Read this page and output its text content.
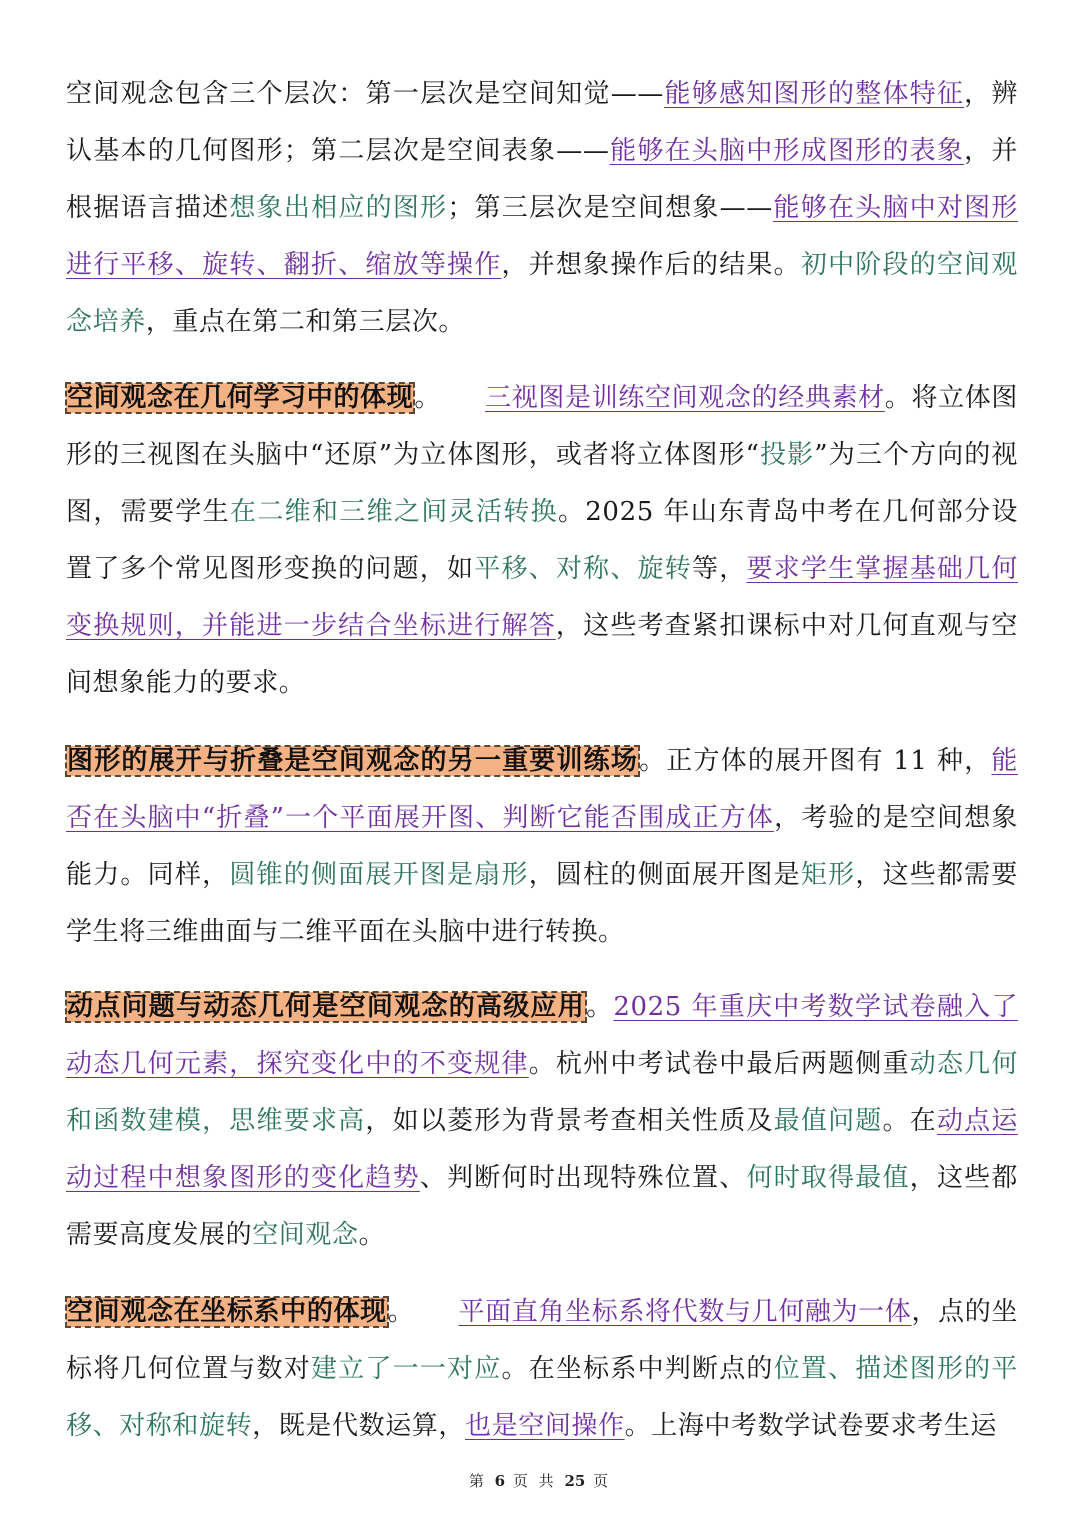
空间观念包含三个层次：第一层次是空间知觉——能够感知图形的整体特征，辨认基本的几何图形；第二层次是空间表象——能够在头脑中形成图形的表象，并根据语言描述想象出相应的图形；第三层次是空间想象——能够在头脑中对图形进行平移、旋转、翻折、缩放等操作，并想象操作后的结果。初中阶段的空间观念培养，重点在第二和第三层次。

空间观念在几何学习中的体现。 三视图是训练空间观念的经典素材。将立体图形的三视图在头脑中“还原”为立体图形，或者将立体图形“投影”为三个方向的视图，需要学生在二维和三维之间灵活转换。2025 年山东青岛中考在几何部分设置了多个常见图形变换的问题，如平移、对称、旋转等，要求学生掌握基础几何变换规则，并能进一步结合坐标进行解答，这些考查紧扣课标中对几何直观与空间想象能力的要求。

图形的展开与折叠是空间观念的另一重要训练场。正方体的展开图有 11 种，能否在头脑中“折叠”一个平面展开图、判断它能否围成正方体，考验的是空间想象能力。同样，圆锥的侧面展开图是扇形，圆柱的侧面展开图是矩形，这些都需要学生将三维曲面与二维平面在头脑中进行转换。

动点问题与动态几何是空间观念的高级应用。2025 年重庆中考数学试卷融入了动态几何元素，探究变化中的不变规律。杭州中考试卷中最后两题侧重动态几何和函数建模，思维要求高，如以菱形为背景考查相关性质及最值问题。在动点运动过程中想象图形的变化趋势、判断何时出现特殊位置、何时取得最值，这些都需要高度发展的空间观念。

空间观念在坐标系中的体现。 平面直角坐标系将代数与几何融为一体，点的坐标将几何位置与数对建立了一一对应。在坐标系中判断点的位置、描述图形的平移、对称和旋转，既是代数运算，也是空间操作。上海中考数学试卷要求考生运

第 6 页 共 25 页
